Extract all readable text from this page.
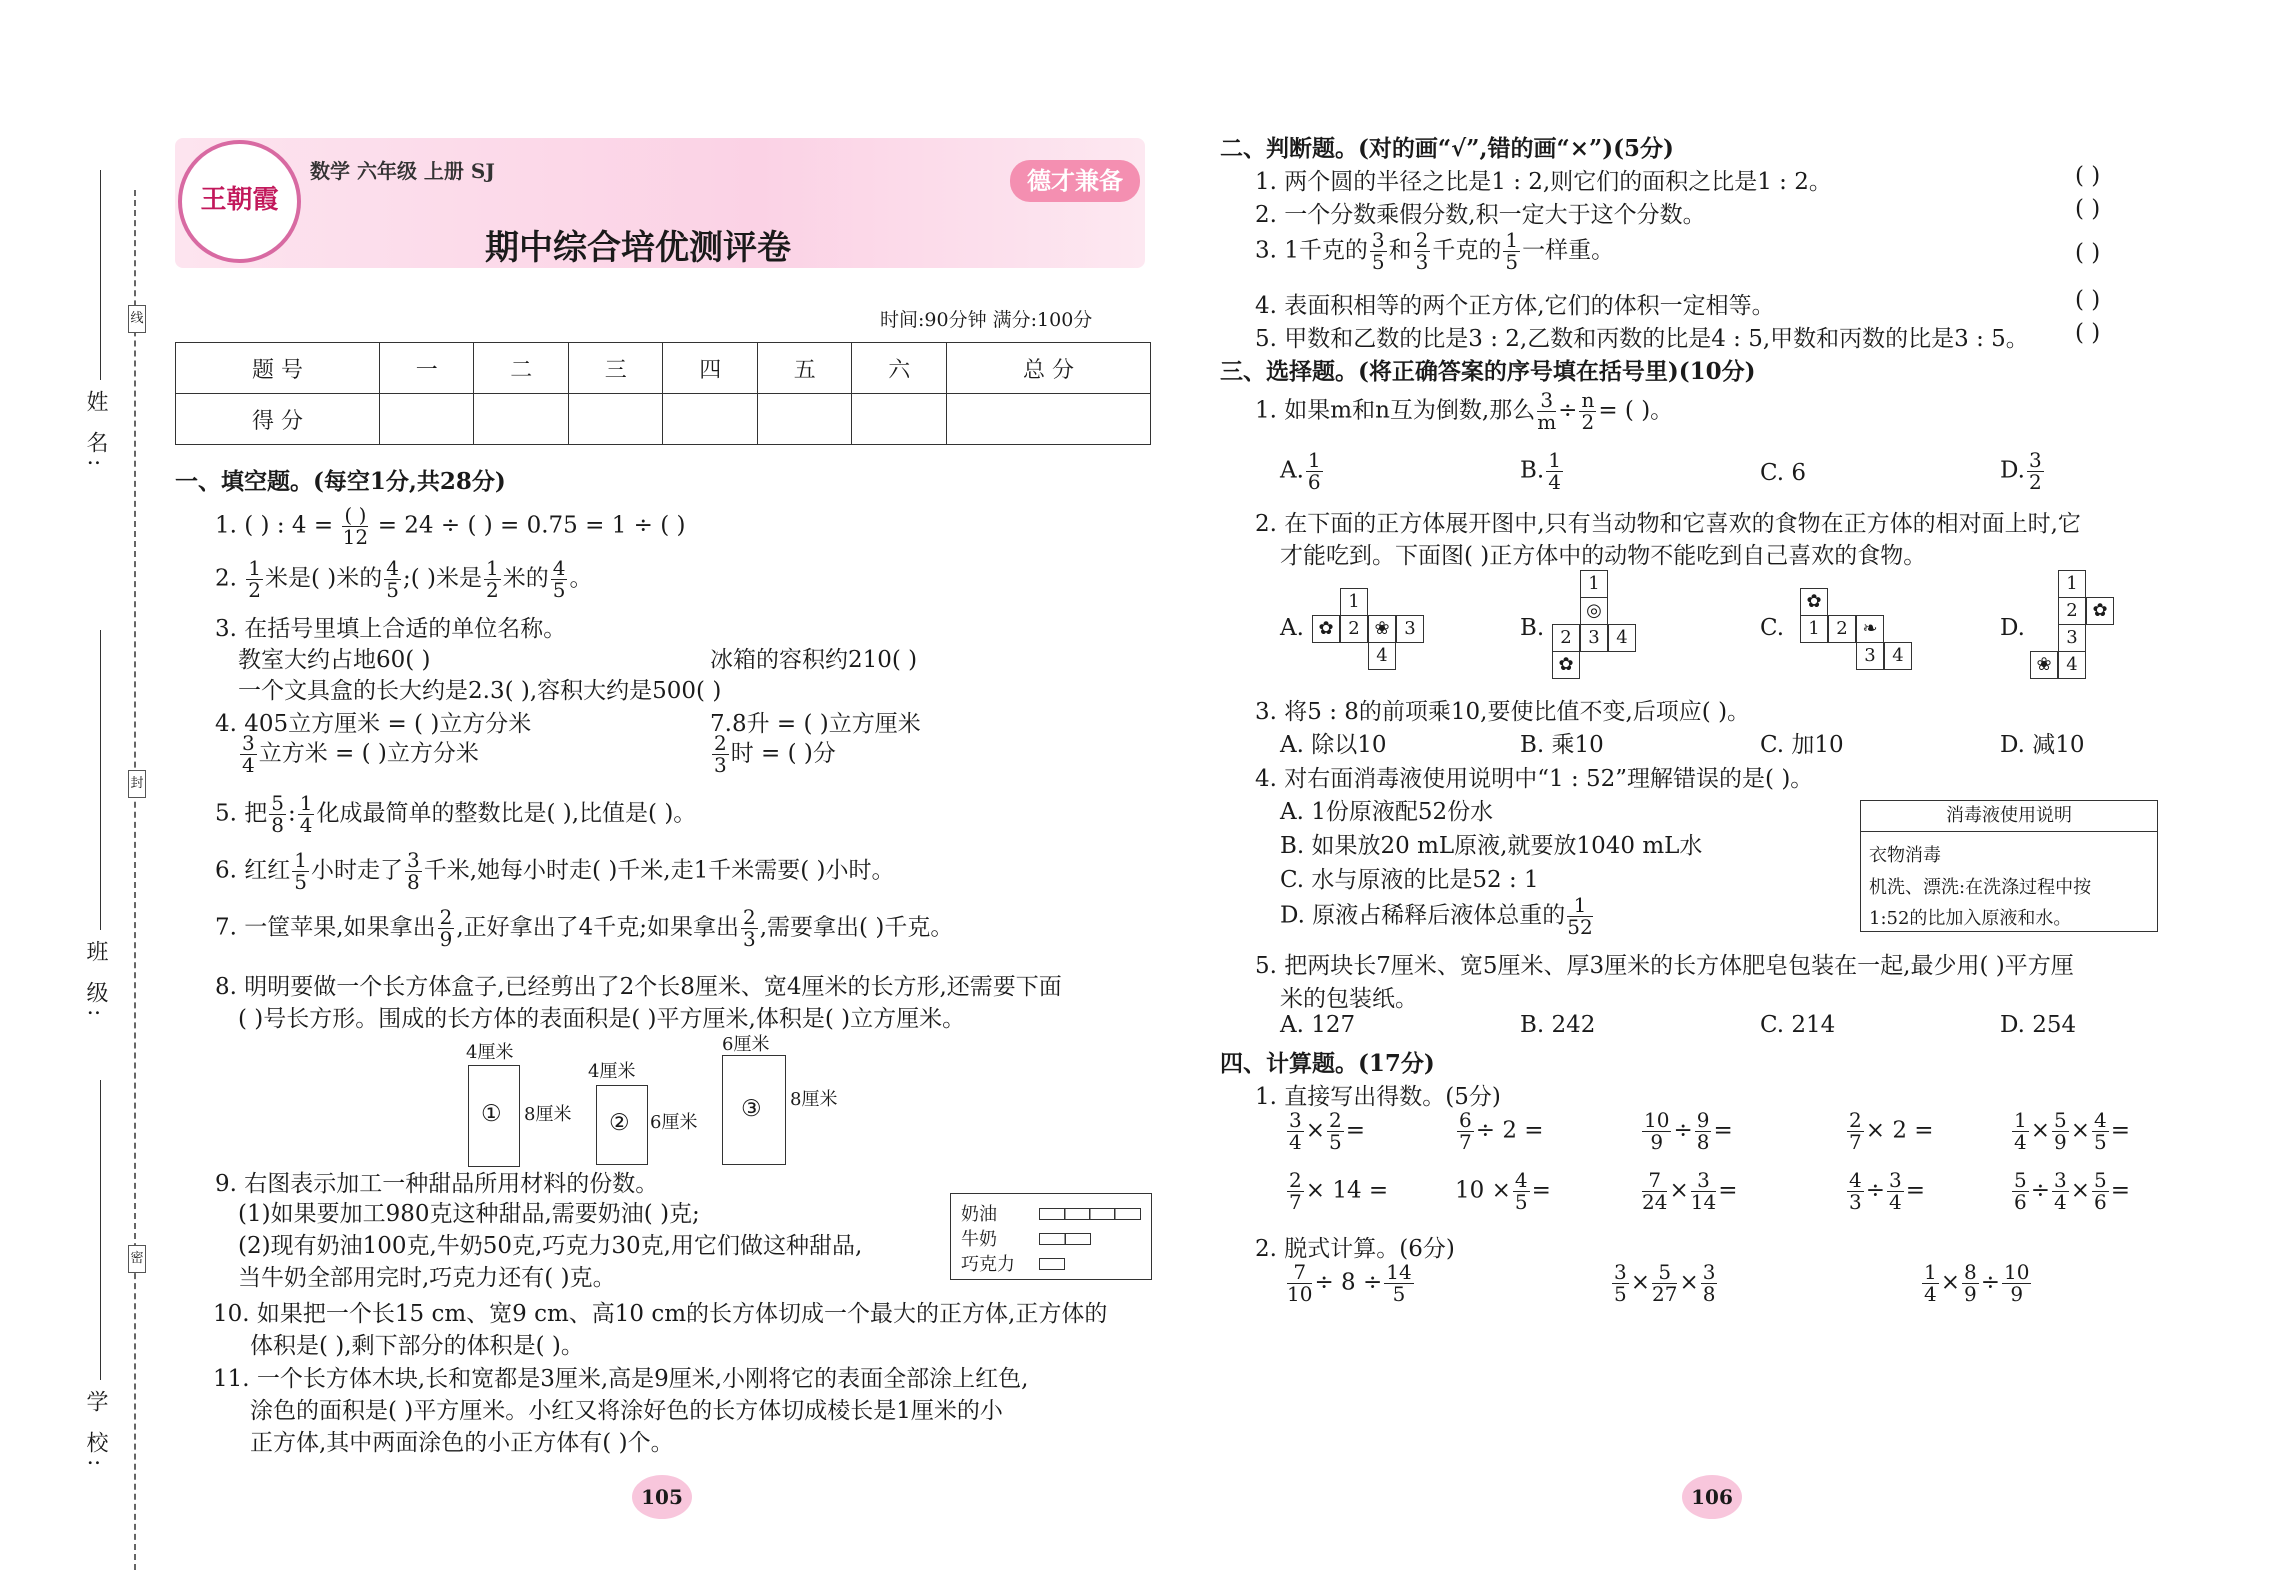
姓 名:
班 级:
学 校:
线
封
密
王朝霞
数学 六年级 上册 SJ
期中综合培优测评卷
德才兼备
时间:90分钟 满分:100分
题 号	一	二	三	四	五	六	总 分
得 分							
一、填空题。(每空1分,共28分)
1. ( ) : $4 = \frac{( )}{12} = 24$ ÷ ( ) = 0.75 = 1 ÷ ( )
2. $\frac{1}{2}$ 米是( )米的 $\frac{4}{5}$ ;( )米是 $\frac{1}{2}$ 米的 $\frac{4}{5}$ 。
3. 在括号里填上合适的单位名称。
教室大约占地60( )	冰箱的容积约210( )
一个文具盒的长大约是2.3( ),容积大约是500( )
4. 405立方厘米 = ( )立方分米	7.8升 = ( )立方厘米
$\frac{3}{4}$ 立方米 = ( )立方分米	$\frac{2}{3}$ 时 = ( )分
5. 把 $\frac{5}{8}$ : $\frac{1}{4}$ 化成最简单的整数比是( ),比值是( )。
6. 红红 $\frac{1}{5}$ 小时走了 $\frac{3}{8}$ 千米,她每小时走( )千米,走1千米需要( )小时。
7. 一筐苹果,如果拿出 $\frac{2}{9}$ ,正好拿出了4千克;如果拿出 $\frac{2}{3}$ ,需要拿出( )千克。
8. 明明要做一个长方体盒子,已经剪出了2个长8厘米、宽4厘米的长方形,还需要下面
( )号长方形。围成的长方体的表面积是( )平方厘米,体积是( )立方厘米。
4厘米
① 8厘米
4厘米
② 6厘米
6厘米
③ 8厘米
9. 右图表示加工一种甜品所用材料的份数。
(1)如果要加工980克这种甜品,需要奶油( )克;
(2)现有奶油100克,牛奶50克,巧克力30克,用它们做这种甜品,
当牛奶全部用完时,巧克力还有( )克。
奶油
牛奶
巧克力
10. 如果把一个长15 cm、宽9 cm、高10 cm的长方体切成一个最大的正方体,正方体的
体积是( ),剩下部分的体积是( )。
11. 一个长方体木块,长和宽都是3厘米,高是9厘米,小刚将它的表面全部涂上红色,
涂色的面积是( )平方厘米。小红又将涂好色的长方体切成棱长是1厘米的小
正方体,其中两面涂色的小正方体有( )个。
105
二、判断题。(对的画“√”,错的画“×”)(5分)
1. 两个圆的半径之比是1 : 2,则它们的面积之比是1 : 2。	( )
2. 一个分数乘假分数,积一定大于这个分数。	( )
3. 1千克的 $\frac{3}{5}$ 和 $\frac{2}{3}$ 千克的 $\frac{1}{5}$ 一样重。	( )
4. 表面积相等的两个正方体,它们的体积一定相等。	( )
5. 甲数和乙数的比是3 : 2,乙数和丙数的比是4 : 5,甲数和丙数的比是3 : 5。 ( )
三、选择题。(将正确答案的序号填在括号里)(10分)
1. 如果m和n互为倒数,那么 $\frac{3}{m} \div \frac{n}{2}$ = ( )。
A. $\frac{1}{6}$	B. $\frac{1}{4}$	C. 6	D. $\frac{3}{2}$
2. 在下面的正方体展开图中,只有当动物和它喜欢的食物在正方体的相对面上时,它
才能吃到。下面图( )正方体中的动物不能吃到自己喜欢的食物。
A.
1
✿ 2 ❀ 3
4
B.
1
◎
2 3 4
✿
C.
✿
1 2 ❧
3 4
D.
1
2 ✿
3
❀ 4
3. 将5 : 8的前项乘10,要使比值不变,后项应( )。
A. 除以10	B. 乘10	C. 加10	D. 减10
4. 对右面消毒液使用说明中“1 : 52”理解错误的是( )。
A. 1份原液配52份水
B. 如果放20 mL原液,就要放1040 mL水
C. 水与原液的比是52 : 1
D. 原液占稀释后液体总重的 $\frac{1}{52}$
消毒液使用说明
衣物消毒
机洗、漂洗:在洗涤过程中按
1:52的比加入原液和水。
5. 把两块长7厘米、宽5厘米、厚3厘米的长方体肥皂包装在一起,最少用( )平方厘
米的包装纸。
A. 127	B. 242	C. 214	D. 254
四、计算题。(17分)
1. 直接写出得数。(5分)
$\frac{3}{4} \times \frac{2}{5}$ =	$\frac{6}{7} \div 2$ =	$\frac{10}{9} \div \frac{9}{8}$ =	$\frac{2}{7} \times 2$ =	$\frac{1}{4} \times \frac{5}{9} \times \frac{4}{5}$ =
$\frac{2}{7} \times 14$ =	$10 \times \frac{4}{5}$ =	$\frac{7}{24} \times \frac{3}{14}$ =	$\frac{4}{3} \div \frac{3}{4}$ =	$\frac{5}{6} \div \frac{3}{4} \times \frac{5}{6}$ =
2. 脱式计算。(6分)
$\frac{7}{10} \div 8 \div \frac{14}{5}$	$\frac{3}{5} \times \frac{5}{27} \times \frac{3}{8}$	$\frac{1}{4} \times \frac{8}{9} \div \frac{10}{9}$
106
